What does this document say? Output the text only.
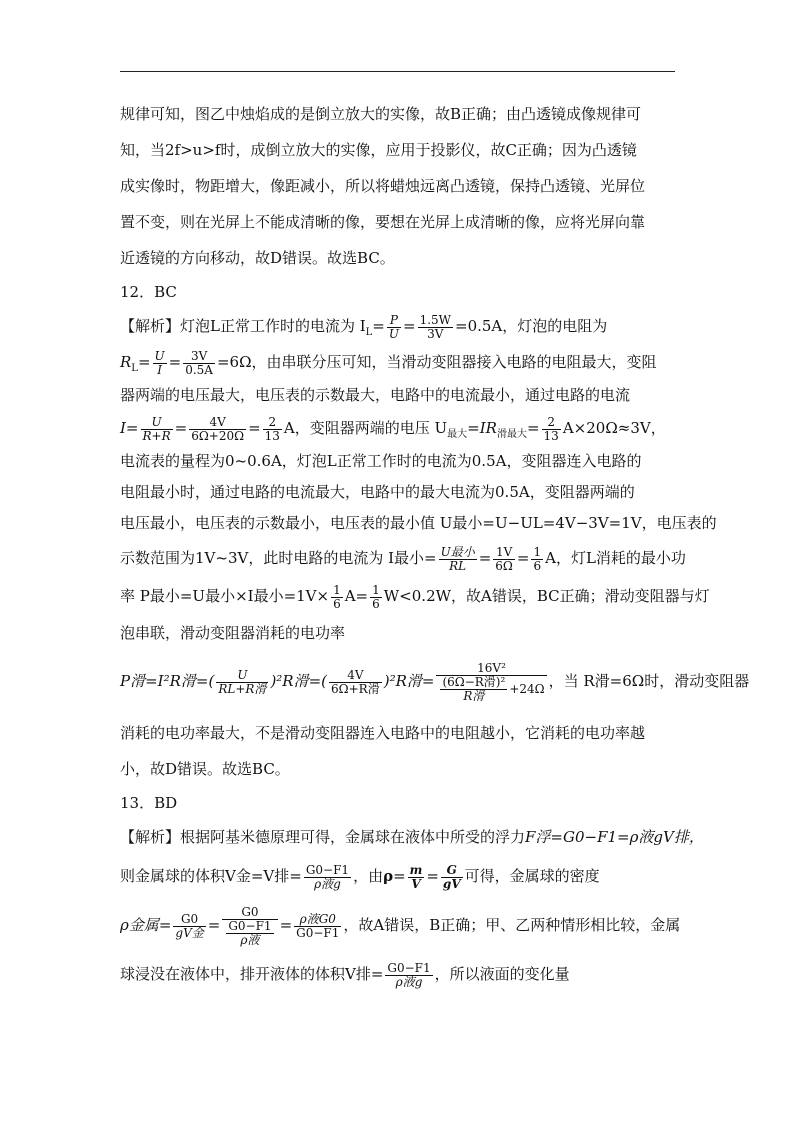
规律可知，图乙中烛焰成的是倒立放大的实像，故B正确；由凸透镜成像规律可

知，当2f>u>f时，成倒立放大的实像，应用于投影仪，故C正确；因为凸透镜

成实像时，物距增大，像距减小，所以将蜡烛远离凸透镜，保持凸透镜、光屏位

置不变，则在光屏上不能成清晰的像，要想在光屏上成清晰的像，应将光屏向靠

近透镜的方向移动，故D错误。故选BC。

12．BC

【解析】灯泡L正常工作时的电流为 $I_L= \frac{P}{U} = \frac{1.5W}{3V} =0.5A$，灯泡的电阻为
$R_L= \frac{U}{I} = \frac{3V}{0.5A} =6\Omega$，由串联分压可知，当滑动变阻器接入电路的电阻最大，变阻

器两端的电压最大，电压表的示数最大，电路中的电流最小，通过电路的电流

$I= \frac{U}{R+R} = \frac{4V}{6\Omega+20\Omega} = \frac{2}{13}$ A，变阻器两端的电压 $U_{最大}=IR_{滑最大}= \frac{2}{13} A\times 20\Omega\approx 3V$，

电流表的量程为0~0.6A，灯泡L正常工作时的电流为0.5A，变阻器连入电路的

电阻最小时，通过电路的电流最大，电路中的最大电流为0.5A，变阻器两端的

电压最小，电压表的示数最小，电压表的最小值 U最小=U−UL=4V−3V=1V，电压表的

示数范围为1V~3V，此时电路的电流为 I最小= $\frac{\text{U最小}}{RL} = \frac{1V}{6\Omega} = \frac{1}{6}$ A，灯L消耗的最小功
率 P最小=U最小×I最小$=1V\times \frac{1}{6} A= \frac{1}{6} W<0.2W$，故A错误，BC正确；滑动变阻器与灯

泡串联，滑动变阻器消耗的电功率

P滑=I²R滑=( $\frac{U}{\text{RL+R滑}} )^2R$滑=( $\frac{4V}{\text{6Ω+R滑}} )^2R$滑= $\frac{\text{16V²}}{\frac{\text{(6Ω−R滑)²}}{\text{R滑}} +24\Omega}$ ，当 R滑=6Ω时，滑动变阻器

消耗的电功率最大，不是滑动变阻器连入电路中的电阻越小，它消耗的电功率越

小，故D错误。故选BC。

13．BD

【解析】根据阿基米德原理可得，金属球在液体中所受的浮力F浮=G0−F1=ρ液gV排，
则金属球的体积V金=V排= $\frac{G0-F1}{\text{ρ液g}}$ ，由$\rho= \frac{m}{V} = \frac{G}{gV}$ 可得，金属球的密度
ρ金属= $\frac{G0}{\text{gV金}} = \frac{G0}{\frac{G0-F1}{\text{ρ液}}} = \frac{\text{ρ液G0}}{G0-F1}$ ，故A错误，B正确；甲、乙两种情形相比较，金属
球浸没在液体中，排开液体的体积V排= $\frac{G0-F1}{\text{ρ液g}}$ ，所以液面的变化量
